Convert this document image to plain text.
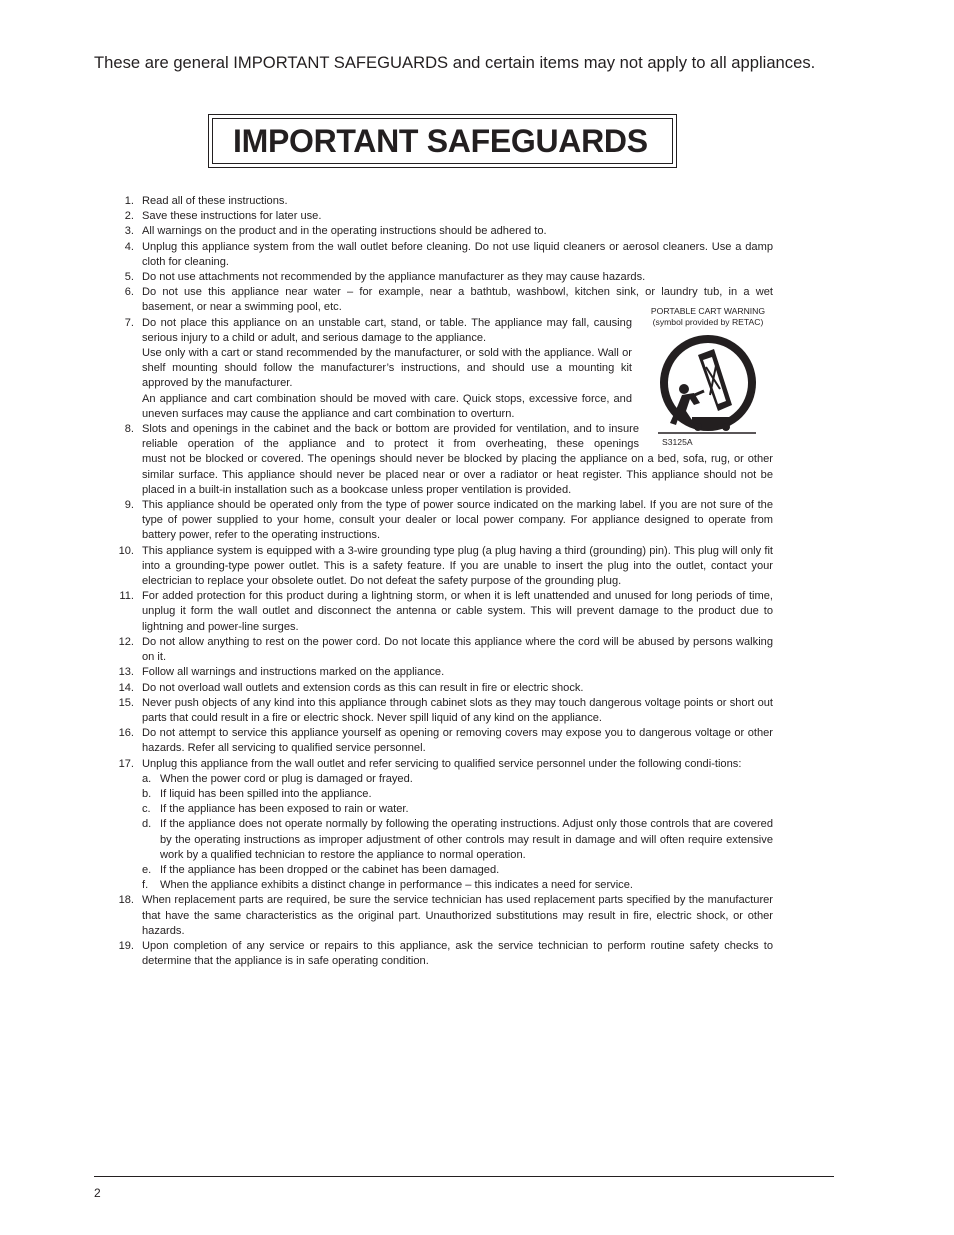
These are general IMPORTANT SAFEGUARDS and certain items may not apply to all appliances.
IMPORTANT SAFEGUARDS
PORTABLE CART WARNING
(symbol provided by RETAC)
S3125A
1. Read all of these instructions.
2. Save these instructions for later use.
3. All warnings on the product and in the operating instructions should be adhered to.
4. Unplug this appliance system from the wall outlet before cleaning. Do not use liquid cleaners or aerosol cleaners. Use a damp cloth for cleaning.
5. Do not use attachments not recommended by the appliance manufacturer as they may cause hazards.
6. Do not use this appliance near water – for example, near a bathtub, washbowl, kitchen sink, or laundry tub, in a wet
basement, or near a swimming pool, etc.
7. Do not place this appliance on an unstable cart, stand, or table. The appliance may fall, causing serious injury to a child or adult, and serious damage to the appliance.
Use only with a cart or stand recommended by the manufacturer, or sold with the appliance. Wall or shelf mounting should follow the manufacturer’s instructions, and should use a mounting kit approved by the manufacturer.
An appliance and cart combination should be moved with care. Quick stops, excessive force, and uneven surfaces may cause the appliance and cart combination to overturn.
8. Slots and openings in the cabinet and the back or bottom are provided for ventilation, and to insure reliable operation of the appliance and to protect it from overheating, these openings
must not be blocked or covered. The openings should never be blocked by placing the appliance on a bed, sofa, rug, or other similar surface. This appliance should never be placed near or over a radiator or heat register. This appliance should not be placed in a built-in installation such as a bookcase unless proper ventilation is provided.
9. This appliance should be operated only from the type of power source indicated on the marking label. If you are not sure of the type of power supplied to your home, consult your dealer or local power company. For appliance designed to operate from battery power, refer to the operating instructions.
10. This appliance system is equipped with a 3-wire grounding type plug (a plug having a third (grounding) pin). This plug will only fit into a grounding-type power outlet. This is a safety feature. If you are unable to insert the plug into the outlet, contact your electrician to replace your obsolete outlet. Do not defeat the safety purpose of the grounding plug.
11. For added protection for this product during a lightning storm, or when it is left unattended and unused for long periods of time, unplug it form the wall outlet and disconnect the antenna or cable system. This will prevent damage to the product due to lightning and power-line surges.
12. Do not allow anything to rest on the power cord. Do not locate this appliance where the cord will be abused by persons walking on it.
13. Follow all warnings and instructions marked on the appliance.
14. Do not overload wall outlets and extension cords as this can result in fire or electric shock.
15. Never push objects of any kind into this appliance through cabinet slots as they may touch dangerous voltage points or short out parts that could result in a fire or electric shock. Never spill liquid of any kind on the appliance.
16. Do not attempt to service this appliance yourself as opening or removing covers may expose you to dangerous voltage or other hazards. Refer all servicing to qualified service personnel.
17. Unplug this appliance from the wall outlet and refer servicing to qualified service personnel under the following condi-tions:
a. When the power cord or plug is damaged or frayed.
b. If liquid has been spilled into the appliance.
c. If the appliance has been exposed to rain or water.
d. If the appliance does not operate normally by following the operating instructions. Adjust only those controls that are covered by the operating instructions as improper adjustment of other controls may result in damage and will often require extensive work by a qualified technician to restore the appliance to normal operation.
e. If the appliance has been dropped or the cabinet has been damaged.
f.	When the appliance exhibits a distinct change in performance – this indicates a need for service.
18. When replacement parts are required, be sure the service technician has used replacement parts specified by the manufacturer that have the same characteristics as the original part. Unauthorized substitutions may result in fire, electric shock, or other hazards.
19. Upon completion of any service or repairs to this appliance, ask the service technician to perform routine safety checks to determine that the appliance is in safe operating condition.
2
